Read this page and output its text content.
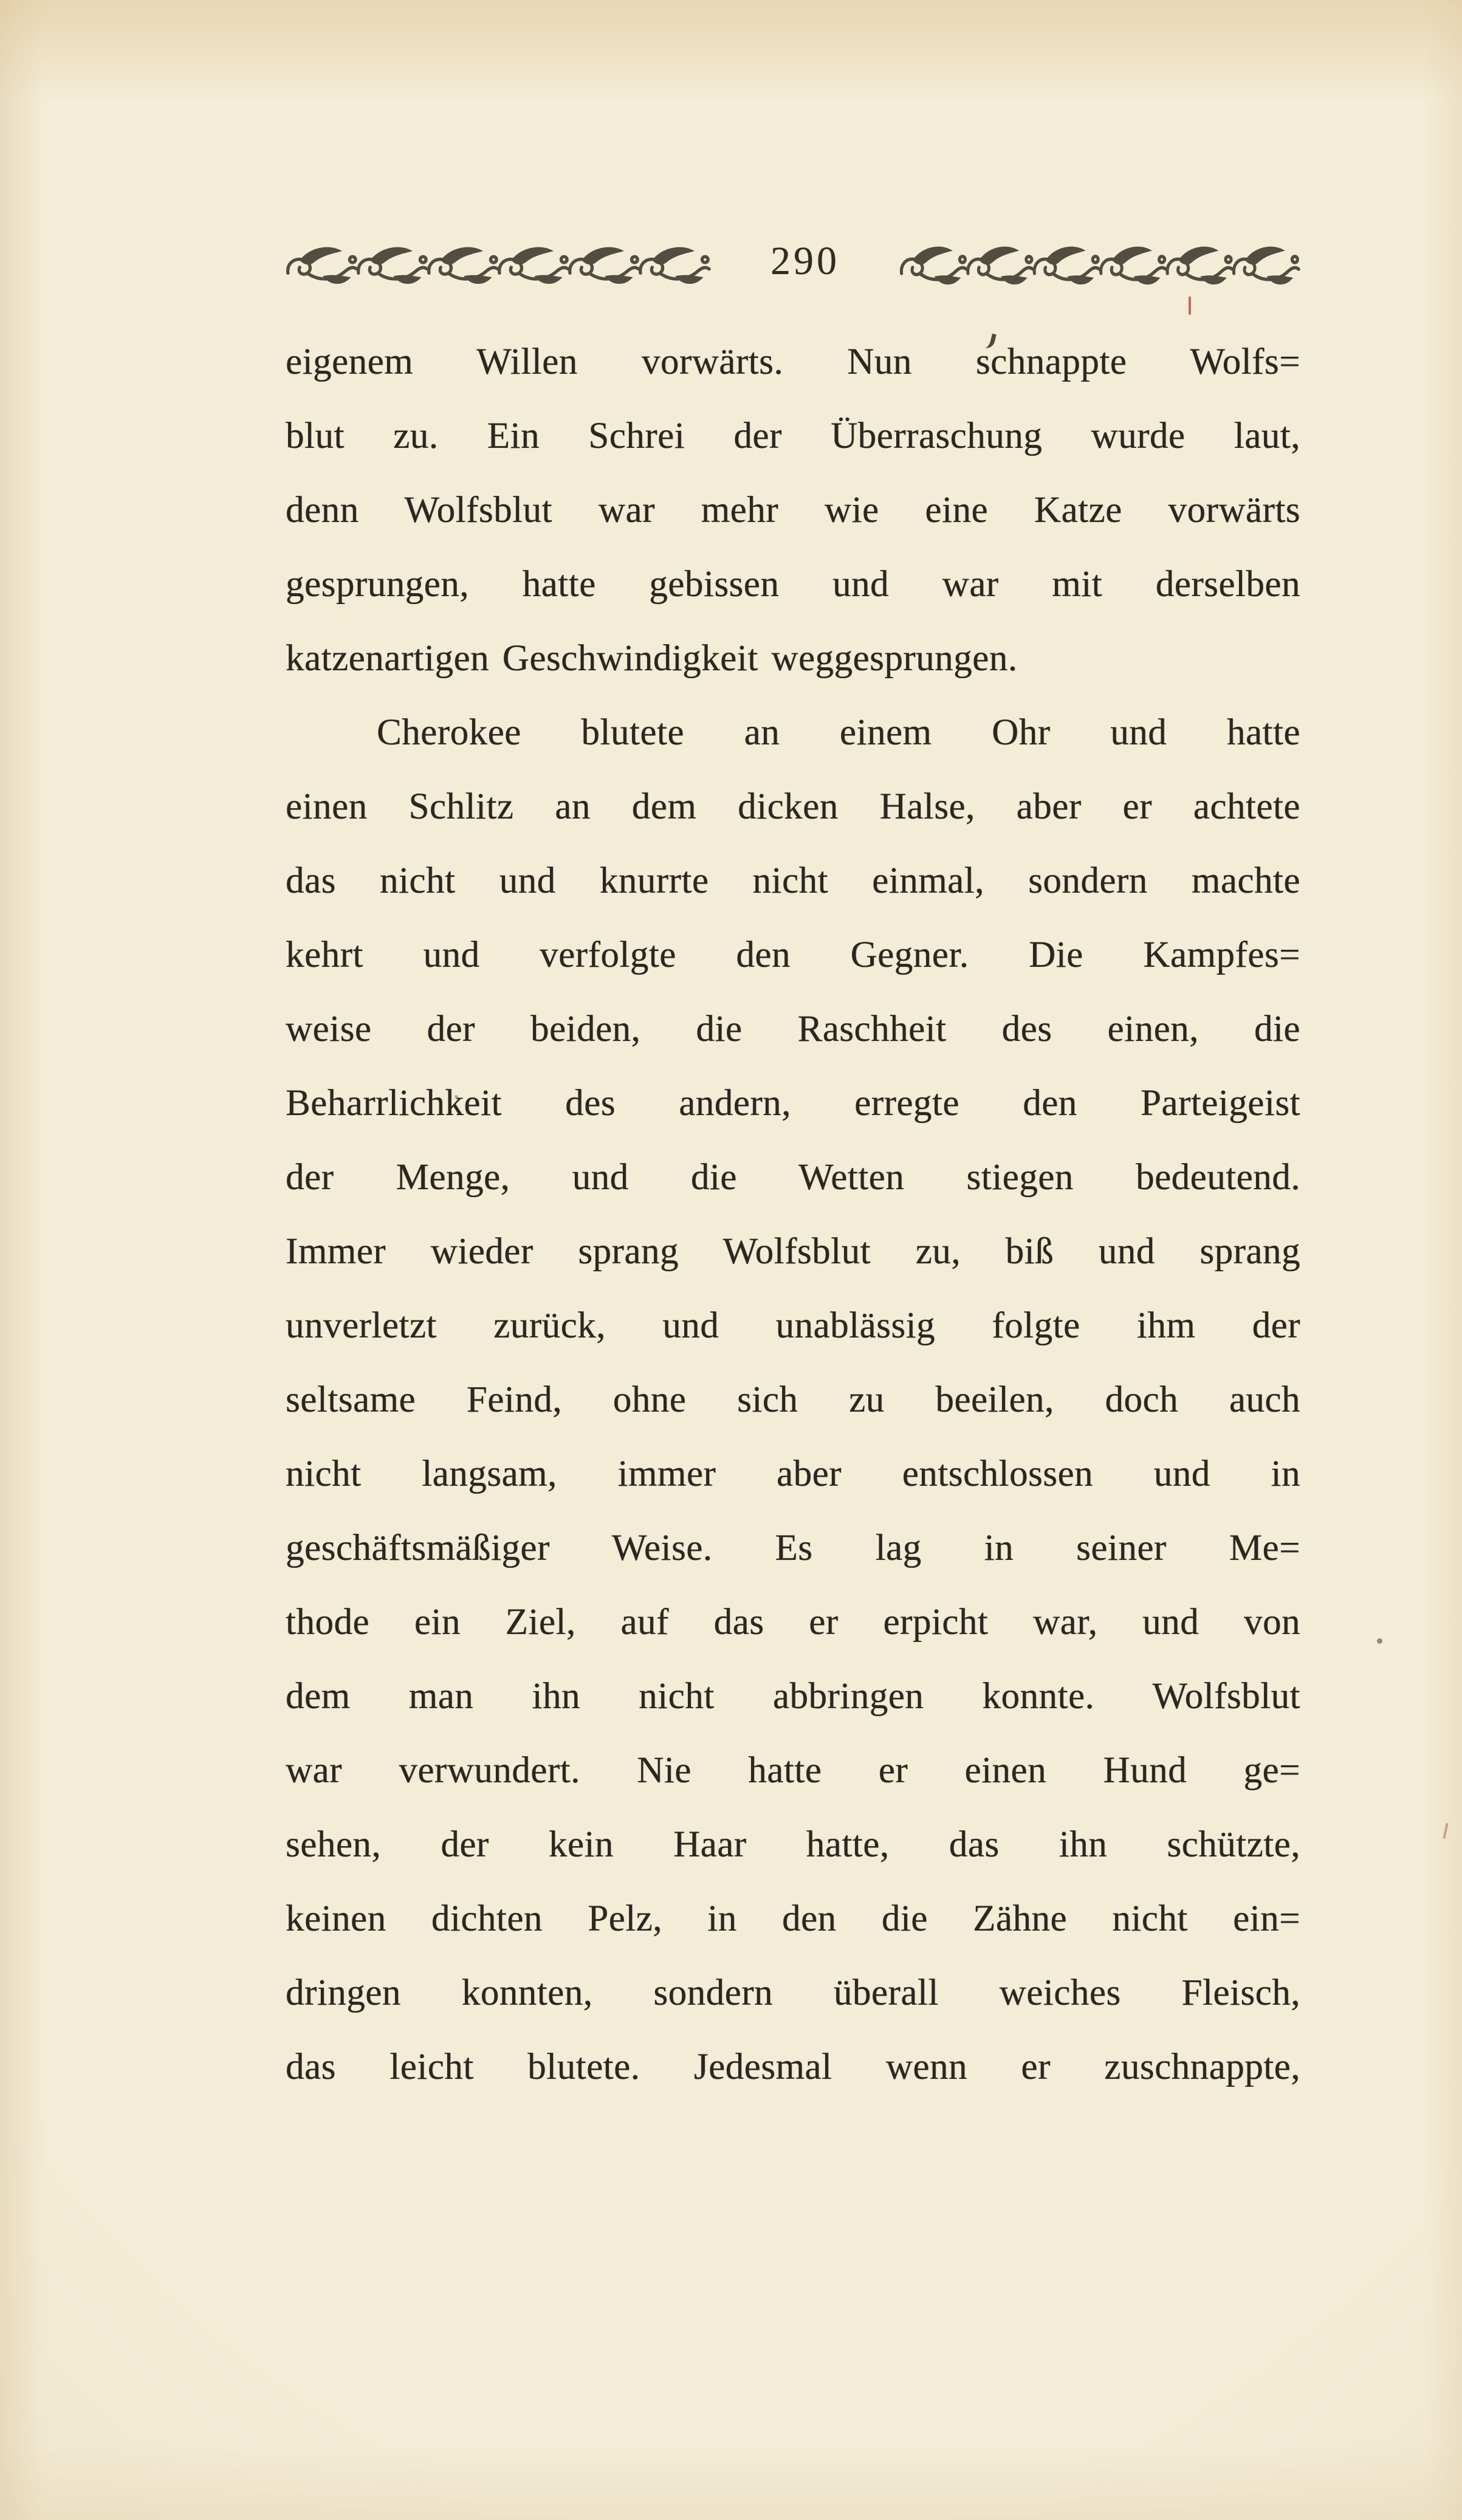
290
eigenem Willen vorwärts. Nun schnappte Wolfs=
blut zu. Ein Schrei der Überraschung wurde laut,
denn Wolfsblut war mehr wie eine Katze vorwärts
gesprungen, hatte gebissen und war mit derselben
katzenartigen Geschwindigkeit weggesprungen.
Cherokee blutete an einem Ohr und hatte
einen Schlitz an dem dicken Halse, aber er achtete
das nicht und knurrte nicht einmal, sondern machte
kehrt und verfolgte den Gegner. Die Kampfes=
weise der beiden, die Raschheit des einen, die
Beharrlichkeit des andern, erregte den Parteigeist
der Menge, und die Wetten stiegen bedeutend.
Immer wieder sprang Wolfsblut zu, biß und sprang
unverletzt zurück, und unablässig folgte ihm der
seltsame Feind, ohne sich zu beeilen, doch auch
nicht langsam, immer aber entschlossen und in
geschäftsmäßiger Weise. Es lag in seiner Me=
thode ein Ziel, auf das er erpicht war, und von
dem man ihn nicht abbringen konnte. Wolfsblut
war verwundert. Nie hatte er einen Hund ge=
sehen, der kein Haar hatte, das ihn schützte,
keinen dichten Pelz, in den die Zähne nicht ein=
dringen konnten, sondern überall weiches Fleisch,
das leicht blutete. Jedesmal wenn er zuschnappte,
